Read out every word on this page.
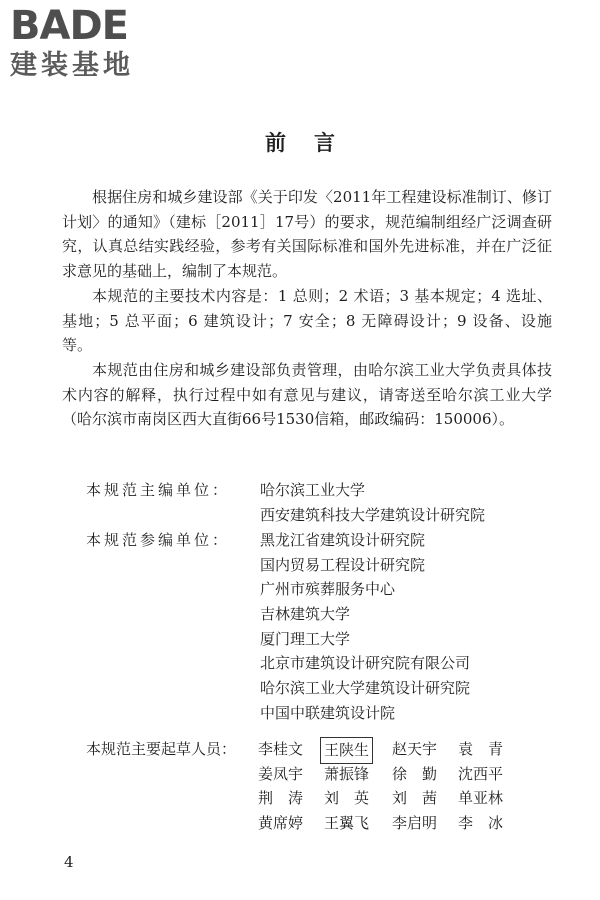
BADE
建装基地
前言

根据住房和城乡建设部《关于印发〈2011年工程建设标准制订、修订计划〉的通知》（建标［2011］17号）的要求，规范编制组经广泛调查研究，认真总结实践经验，参考有关国际标准和国外先进标准，并在广泛征求意见的基础上，编制了本规范。

本规范的主要技术内容是：1 总则；2 术语；3 基本规定；4 选址、基地；5 总平面；6 建筑设计；7 安全；8 无障碍设计；9 设备、设施等。

本规范由住房和城乡建设部负责管理，由哈尔滨工业大学负责具体技术内容的解释，执行过程中如有意见与建议，请寄送至哈尔滨工业大学（哈尔滨市南岗区西大直街66号1530信箱，邮政编码：150006）。

本规范主编单位： 哈尔滨工业大学
西安建筑科技大学建筑设计研究院
本规范参编单位： 黑龙江省建筑设计研究院
国内贸易工程设计研究院
广州市殡葬服务中心
吉林建筑大学
厦门理工大学
北京市建筑设计研究院有限公司
哈尔滨工业大学建筑设计研究院
中国中联建筑设计院
本规范主要起草人员： 李桂文 王陕生 赵天宇 袁　青
姜凤宇 萧振锋 徐　勤 沈西平
荆　涛 刘　英 刘　茜 单亚林
黄席婷 王翼飞 李启明 李　冰
4
